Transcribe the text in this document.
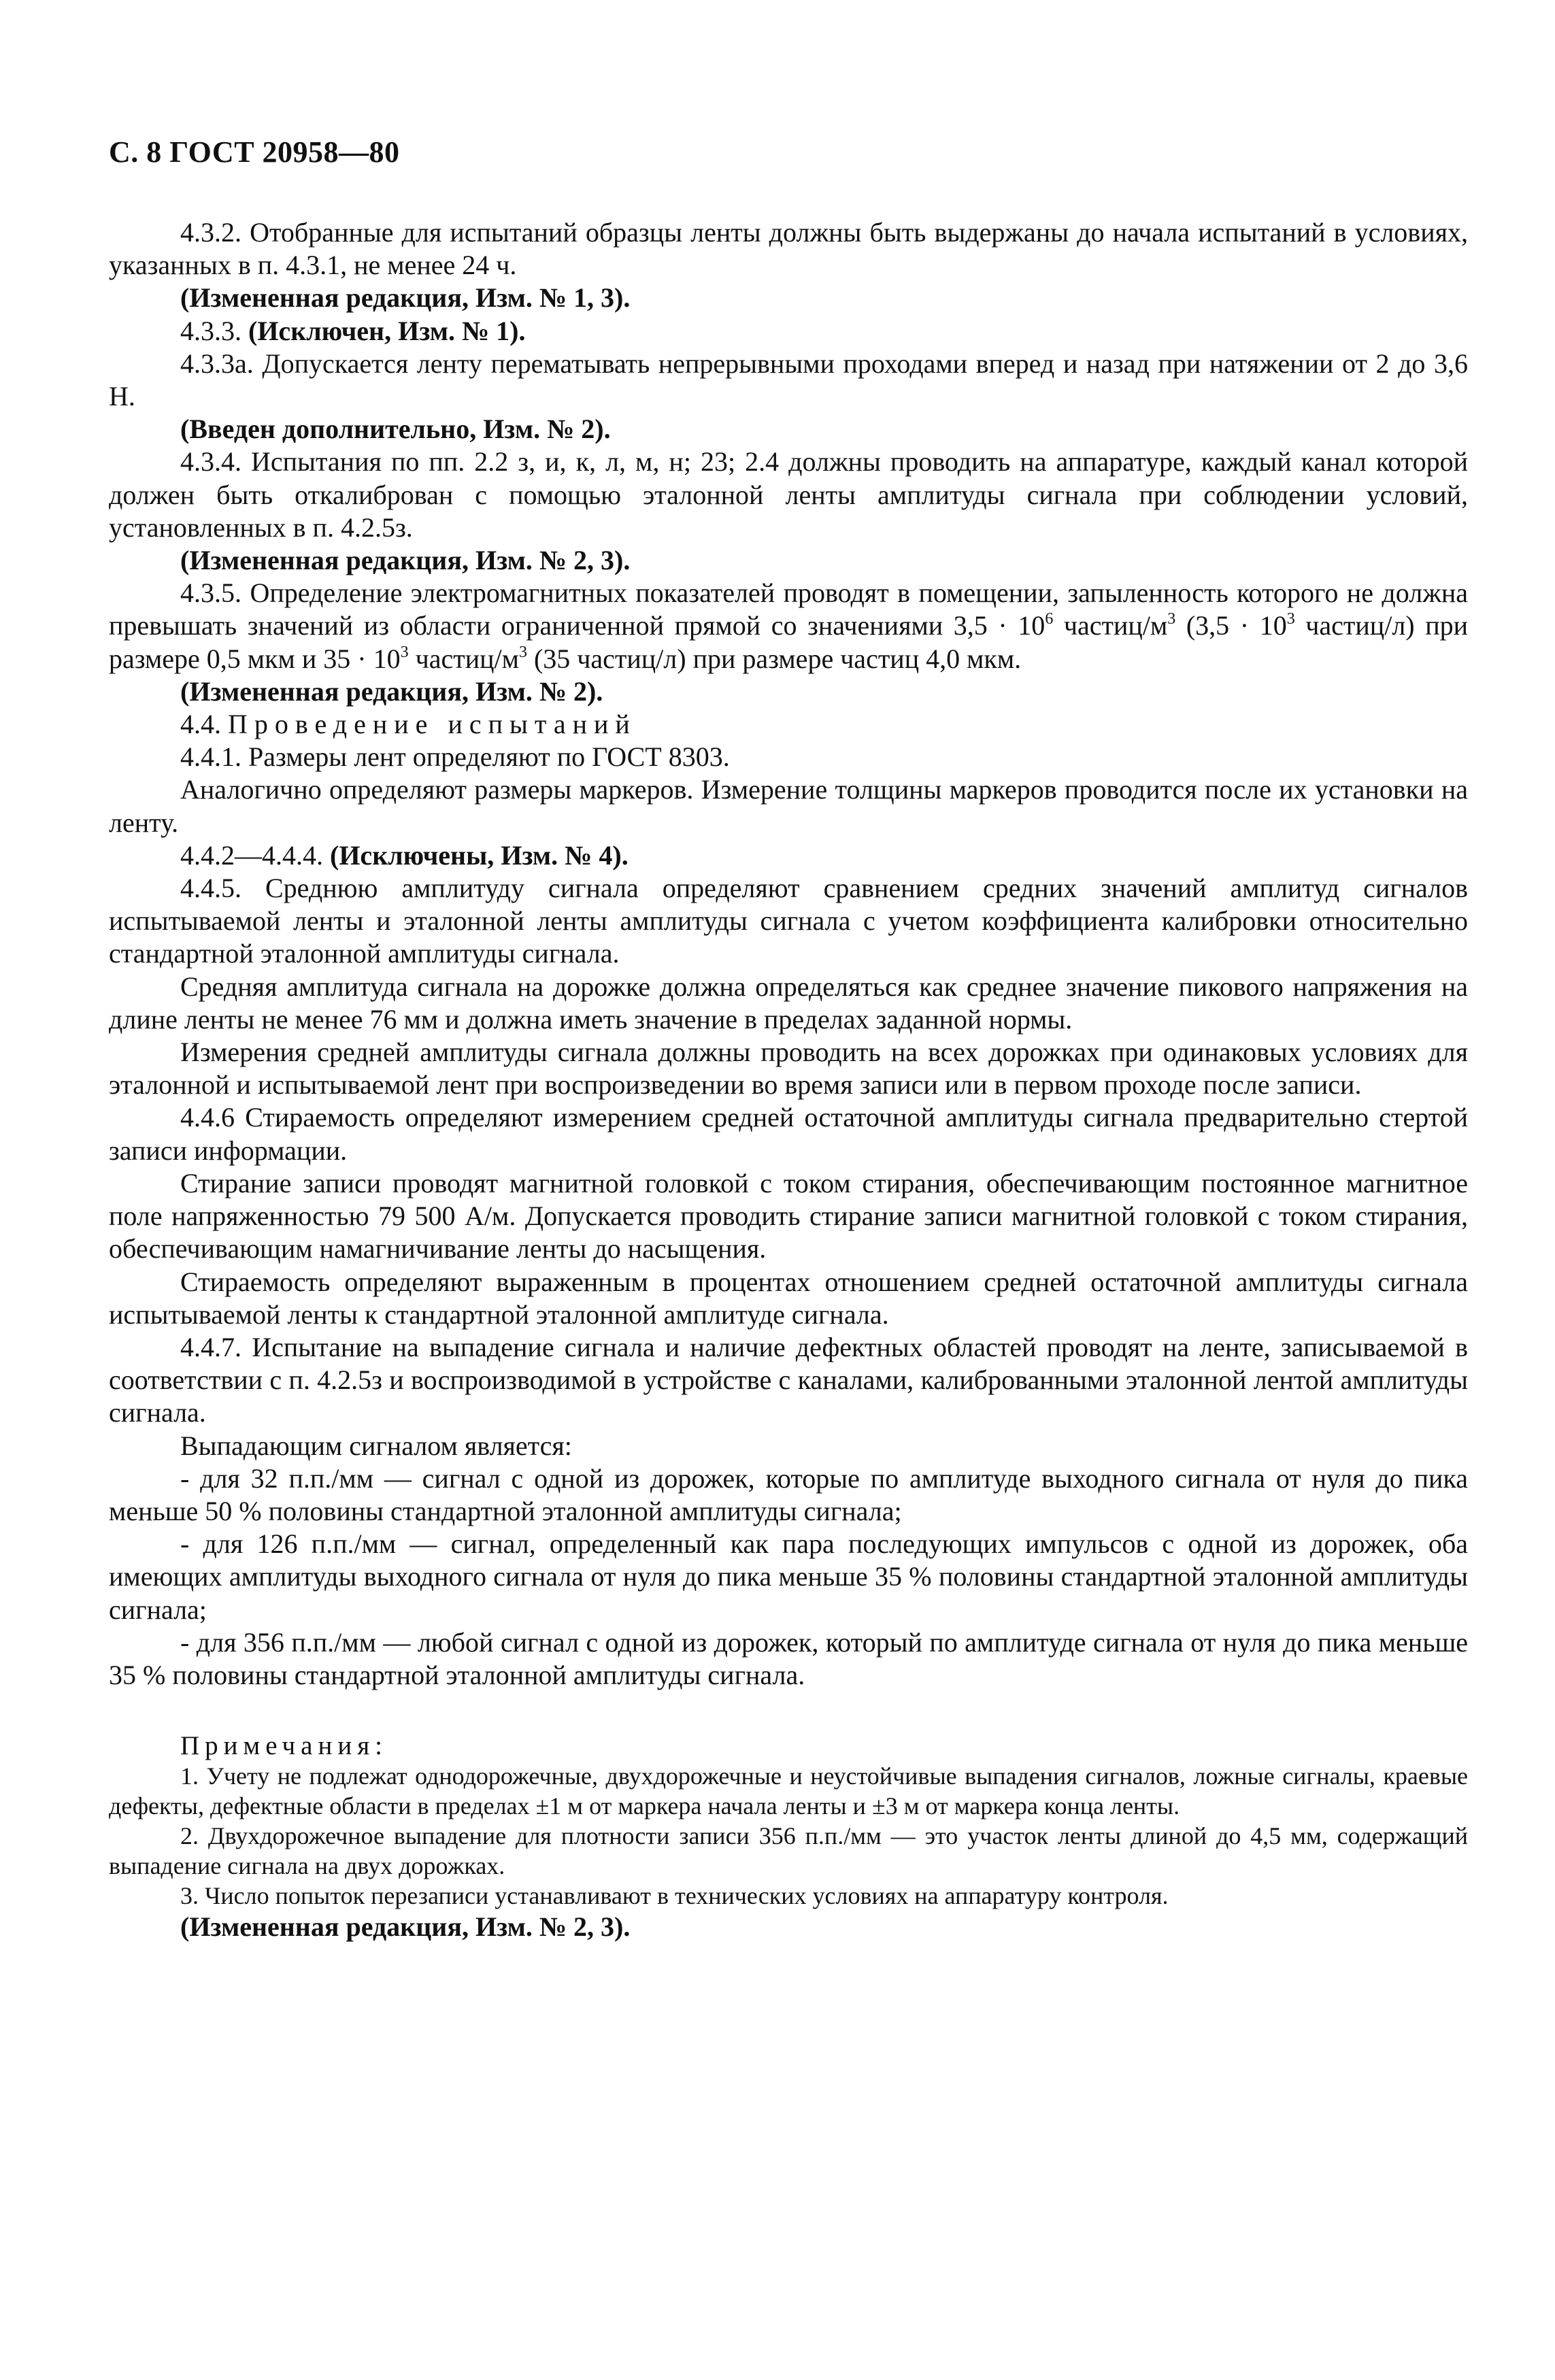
С. 8 ГОСТ 20958—80

4.3.2. Отобранные для испытаний образцы ленты должны быть выдержаны до начала испытаний в условиях, указанных в п. 4.3.1, не менее 24 ч.

(Измененная редакция, Изм. № 1, 3).

4.3.3. (Исключен, Изм. № 1).

4.3.3а. Допускается ленту перематывать непрерывными проходами вперед и назад при натяжении от 2 до 3,6 Н.

(Введен дополнительно, Изм. № 2).

4.3.4. Испытания по пп. 2.2 з, и, к, л, м, н; 23; 2.4 должны проводить на аппаратуре, каждый канал которой должен быть откалиброван с помощью эталонной ленты амплитуды сигнала при соблюдении условий, установленных в п. 4.2.5з.

(Измененная редакция, Изм. № 2, 3).

4.3.5. Определение электромагнитных показателей проводят в помещении, запыленность которого не должна превышать значений из области ограниченной прямой со значениями $3,5 \cdot 10^6$ частиц/$м^3$ ($3,5 \cdot 10^3$ частиц/л) при размере 0,5 мкм и $35 \cdot 10^3$ частиц/$м^3$ (35 частиц/л) при размере частиц 4,0 мкм.

(Измененная редакция, Изм. № 2).

4.4. Проведение испытаний

4.4.1. Размеры лент определяют по ГОСТ 8303.

Аналогично определяют размеры маркеров. Измерение толщины маркеров проводится после их установки на ленту.

4.4.2—4.4.4. (Исключены, Изм. № 4).

4.4.5. Среднюю амплитуду сигнала определяют сравнением средних значений амплитуд сигналов испытываемой ленты и эталонной ленты амплитуды сигнала с учетом коэффициента калибровки относительно стандартной эталонной амплитуды сигнала.

Средняя амплитуда сигнала на дорожке должна определяться как среднее значение пикового напряжения на длине ленты не менее 76 мм и должна иметь значение в пределах заданной нормы.

Измерения средней амплитуды сигнала должны проводить на всех дорожках при одинаковых условиях для эталонной и испытываемой лент при воспроизведении во время записи или в первом проходе после записи.

4.4.6 Стираемость определяют измерением средней остаточной амплитуды сигнала предварительно стертой записи информации.

Стирание записи проводят магнитной головкой с током стирания, обеспечивающим постоянное магнитное поле напряженностью 79 500 А/м. Допускается проводить стирание записи магнитной головкой с током стирания, обеспечивающим намагничивание ленты до насыщения.

Стираемость определяют выраженным в процентах отношением средней остаточной амплитуды сигнала испытываемой ленты к стандартной эталонной амплитуде сигнала.

4.4.7. Испытание на выпадение сигнала и наличие дефектных областей проводят на ленте, записываемой в соответствии с п. 4.2.5з и воспроизводимой в устройстве с каналами, калиброванными эталонной лентой амплитуды сигнала.

Выпадающим сигналом является:

- для 32 п.п./мм — сигнал с одной из дорожек, которые по амплитуде выходного сигнала от нуля до пика меньше 50 % половины стандартной эталонной амплитуды сигнала;

- для 126 п.п./мм — сигнал, определенный как пара последующих импульсов с одной из дорожек, оба имеющих амплитуды выходного сигнала от нуля до пика меньше 35 % половины стандартной эталонной амплитуды сигнала;

- для 356 п.п./мм — любой сигнал с одной из дорожек, который по амплитуде сигнала от нуля до пика меньше 35 % половины стандартной эталонной амплитуды сигнала.

Примечания:

1. Учету не подлежат однодорожечные, двухдорожечные и неустойчивые выпадения сигналов, ложные сигналы, краевые дефекты, дефектные области в пределах ±1 м от маркера начала ленты и ±3 м от маркера конца ленты.

2. Двухдорожечное выпадение для плотности записи 356 п.п./мм — это участок ленты длиной до 4,5 мм, содержащий выпадение сигнала на двух дорожках.

3. Число попыток перезаписи устанавливают в технических условиях на аппаратуру контроля.

(Измененная редакция, Изм. № 2, 3).
